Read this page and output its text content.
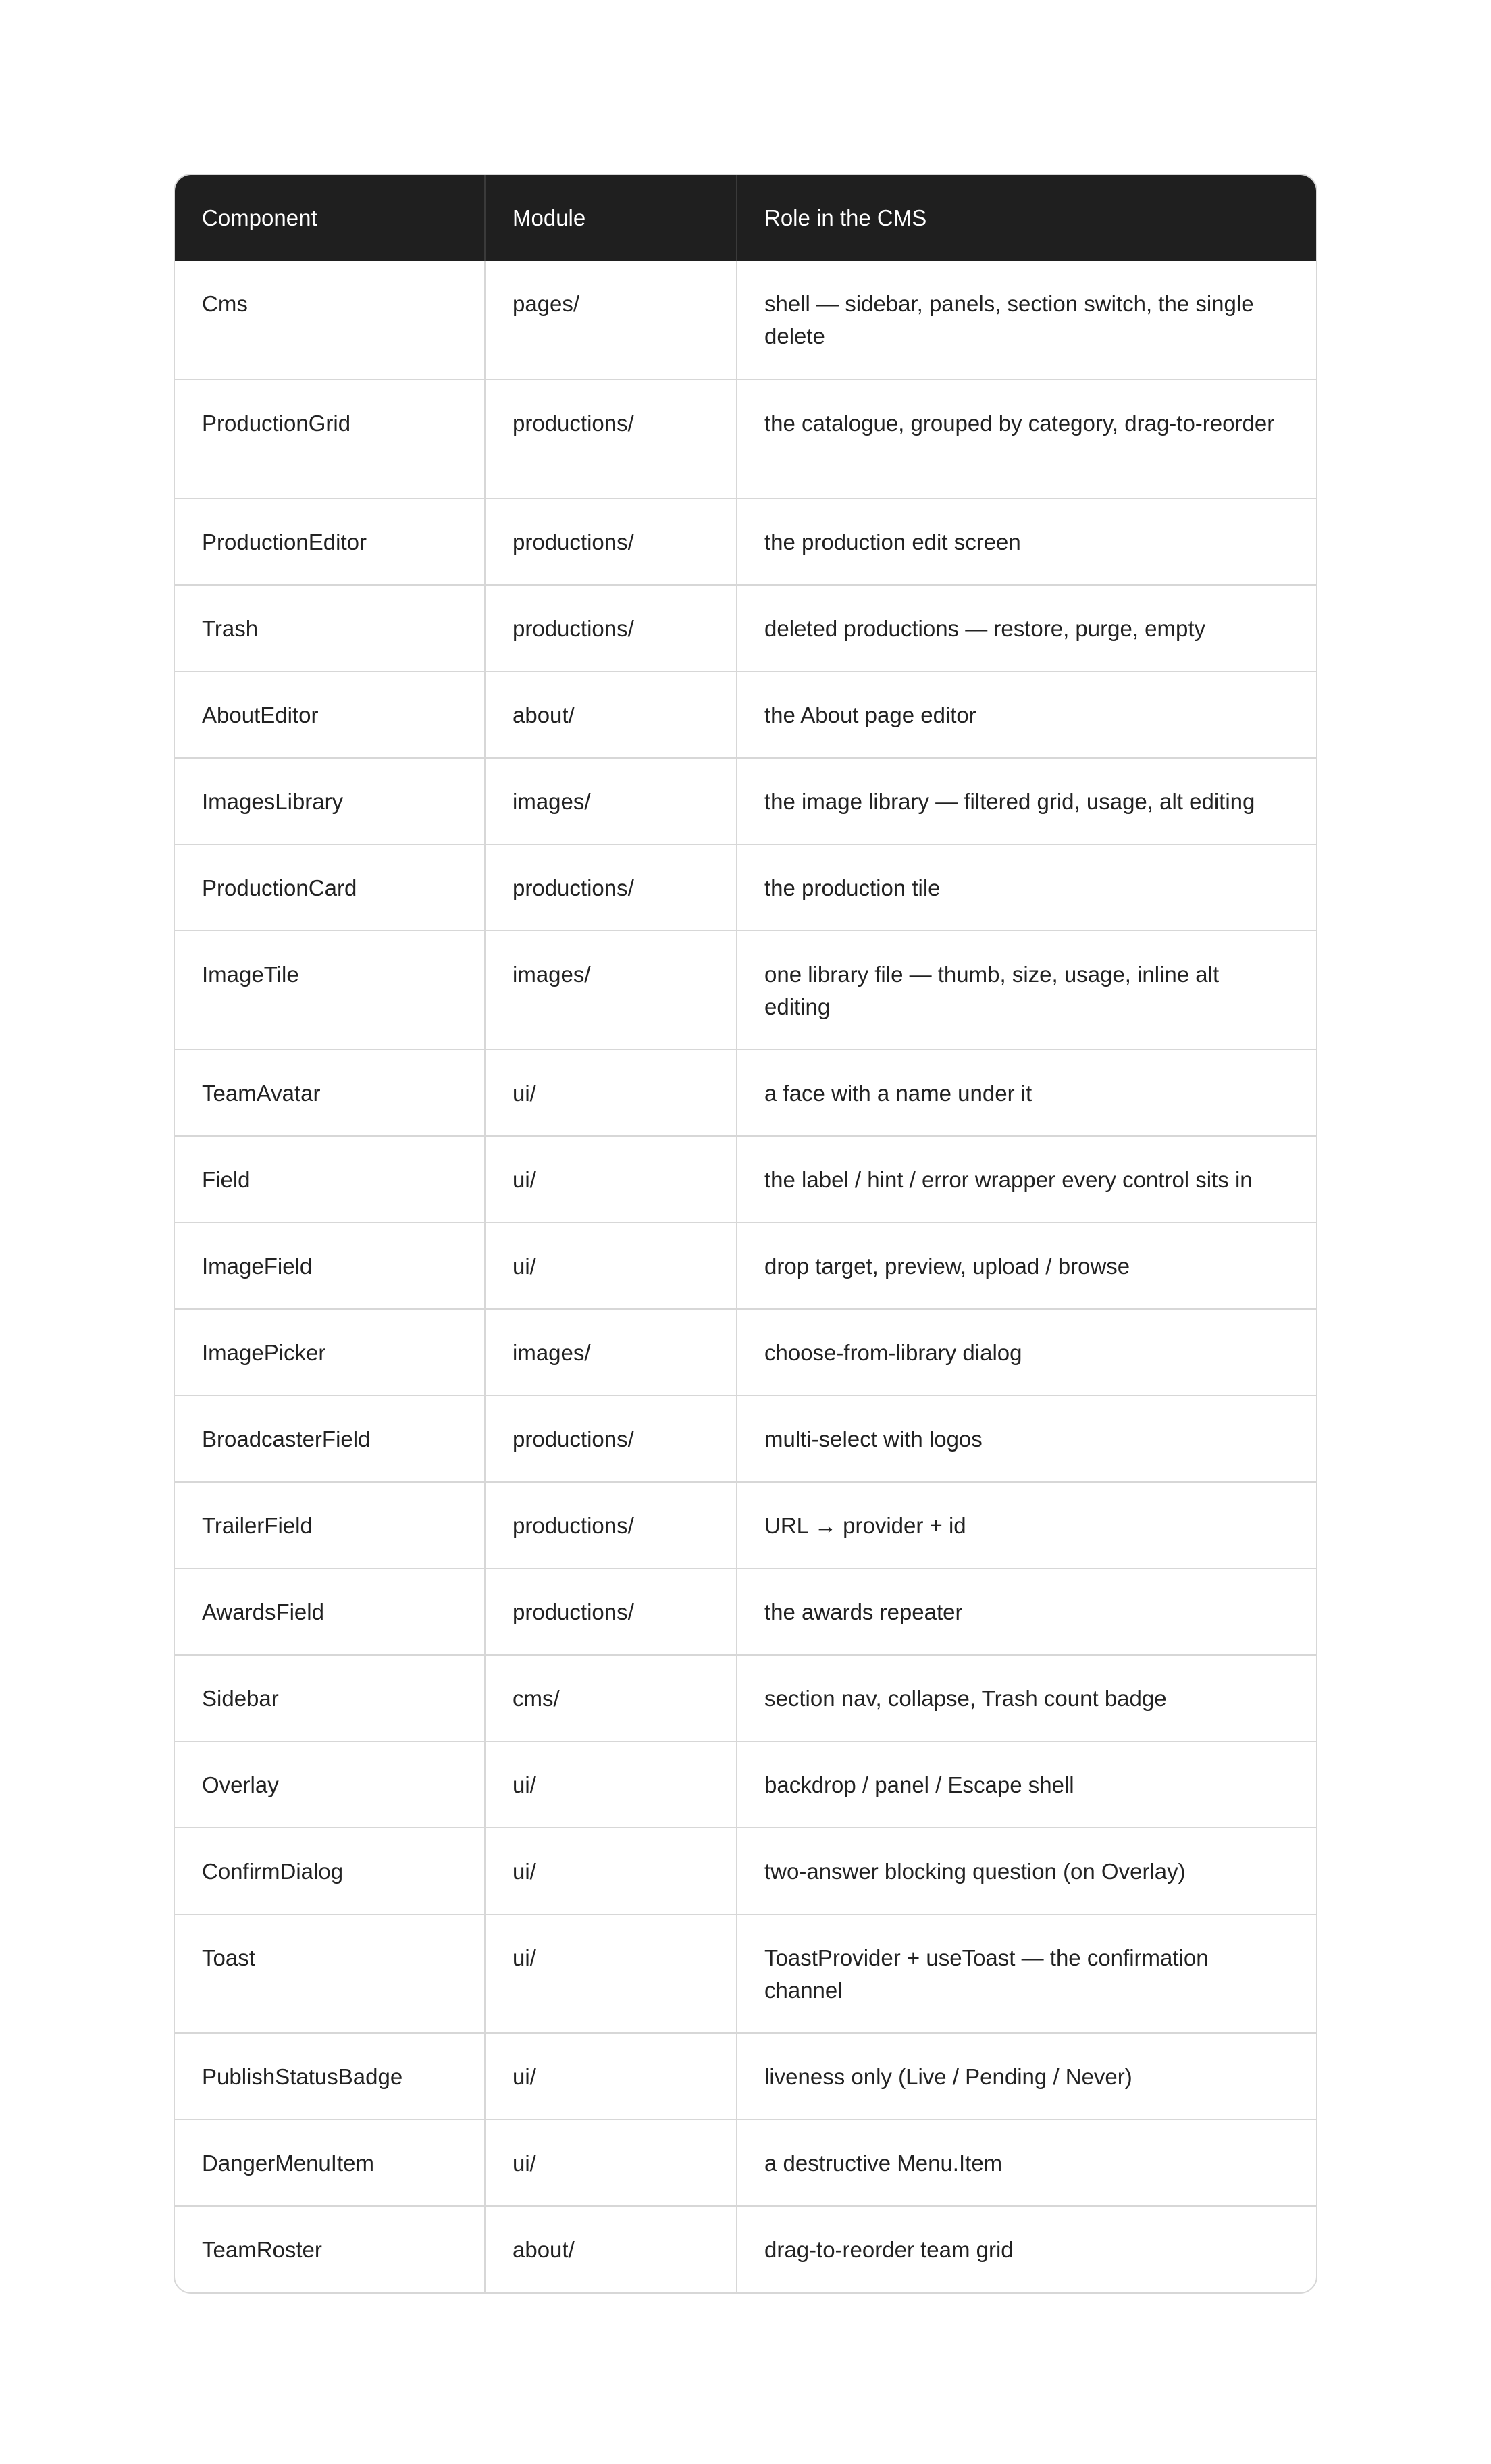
Component	Module	Role in the CMS
Cms	pages/	shell — sidebar, panels, section switch, the single delete
ProductionGrid	productions/	the catalogue, grouped by category, drag-to-reorder
ProductionEditor	productions/	the production edit screen
Trash	productions/	deleted productions — restore, purge, empty
AboutEditor	about/	the About page editor
ImagesLibrary	images/	the image library — filtered grid, usage, alt editing
ProductionCard	productions/	the production tile
ImageTile	images/	one library file — thumb, size, usage, inline alt editing
TeamAvatar	ui/	a face with a name under it
Field	ui/	the label / hint / error wrapper every control sits in
ImageField	ui/	drop target, preview, upload / browse
ImagePicker	images/	choose-from-library dialog
BroadcasterField	productions/	multi-select with logos
TrailerField	productions/	URL → provider + id
AwardsField	productions/	the awards repeater
Sidebar	cms/	section nav, collapse, Trash count badge
Overlay	ui/	backdrop / panel / Escape shell
ConfirmDialog	ui/	two-answer blocking question (on Overlay)
Toast	ui/	ToastProvider + useToast — the confirmation channel
PublishStatusBadge	ui/	liveness only (Live / Pending / Never)
DangerMenuItem	ui/	a destructive Menu.Item
TeamRoster	about/	drag-to-reorder team grid
